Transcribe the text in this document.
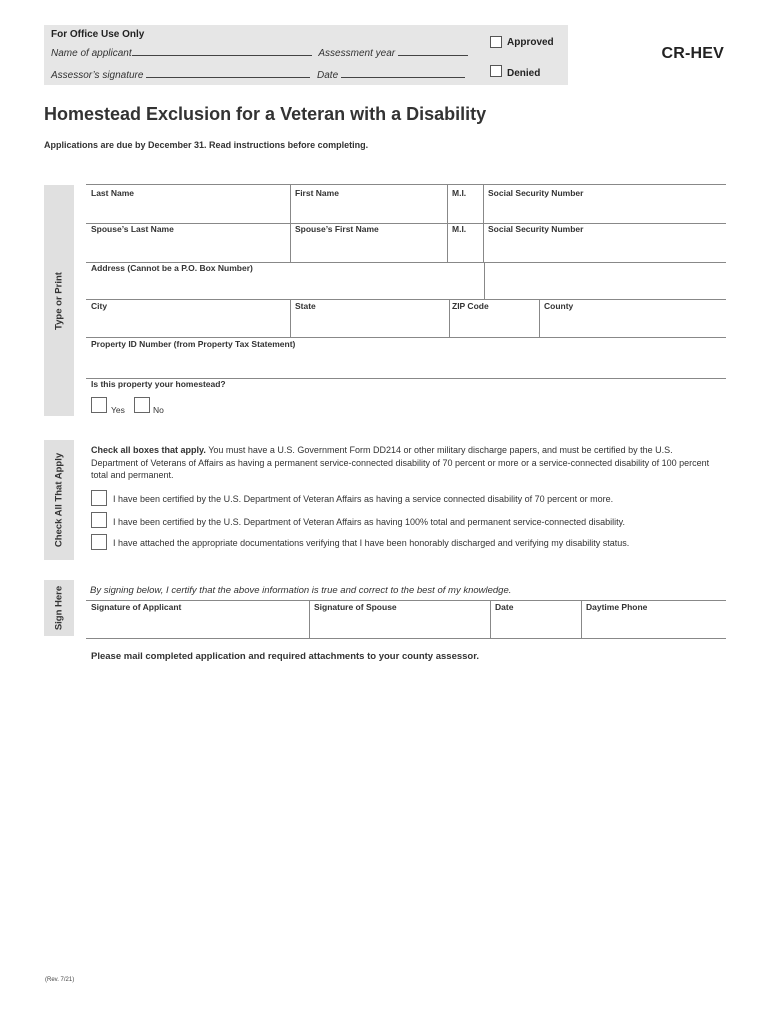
For Office Use Only
Name of applicant	Assessment year
Assessor’s signature	Date
Approved
Denied
CR-HEV
Homestead Exclusion for a Veteran with a Disability
Applications are due by December 31. Read instructions before completing.
Type or Print
Last Name	First Name	M.I.	Social Security Number
Spouse’s Last Name	Spouse’s First Name	M.I.	Social Security Number
Address (Cannot be a P.O. Box Number)
City	State	ZIP Code	County
Property ID Number (from Property Tax Statement)
Is this property your homestead?
Yes	No
Check All That Apply
Check all boxes that apply. You must have a U.S. Government Form DD214 or other military discharge papers, and must be certified by the U.S. Department of Veterans of Affairs as having a permanent service-connected disability of 70 percent or more or a service-connected disability of 100 percent total and permanent.
I have been certified by the U.S. Department of Veteran Affairs as having a service connected disability of 70 percent or more.
I have been certified by the U.S. Department of Veteran Affairs as having 100% total and permanent service-connected disability.
I have attached the appropriate documentations verifying that I have been honorably discharged and verifying my disability status.
Sign Here	By signing below, I certify that the above information is true and correct to the best of my knowledge.
Signature of Applicant	Signature of Spouse	Date	Daytime Phone
Please mail completed application and required attachments to your county assessor.
(Rev. 7/21)
